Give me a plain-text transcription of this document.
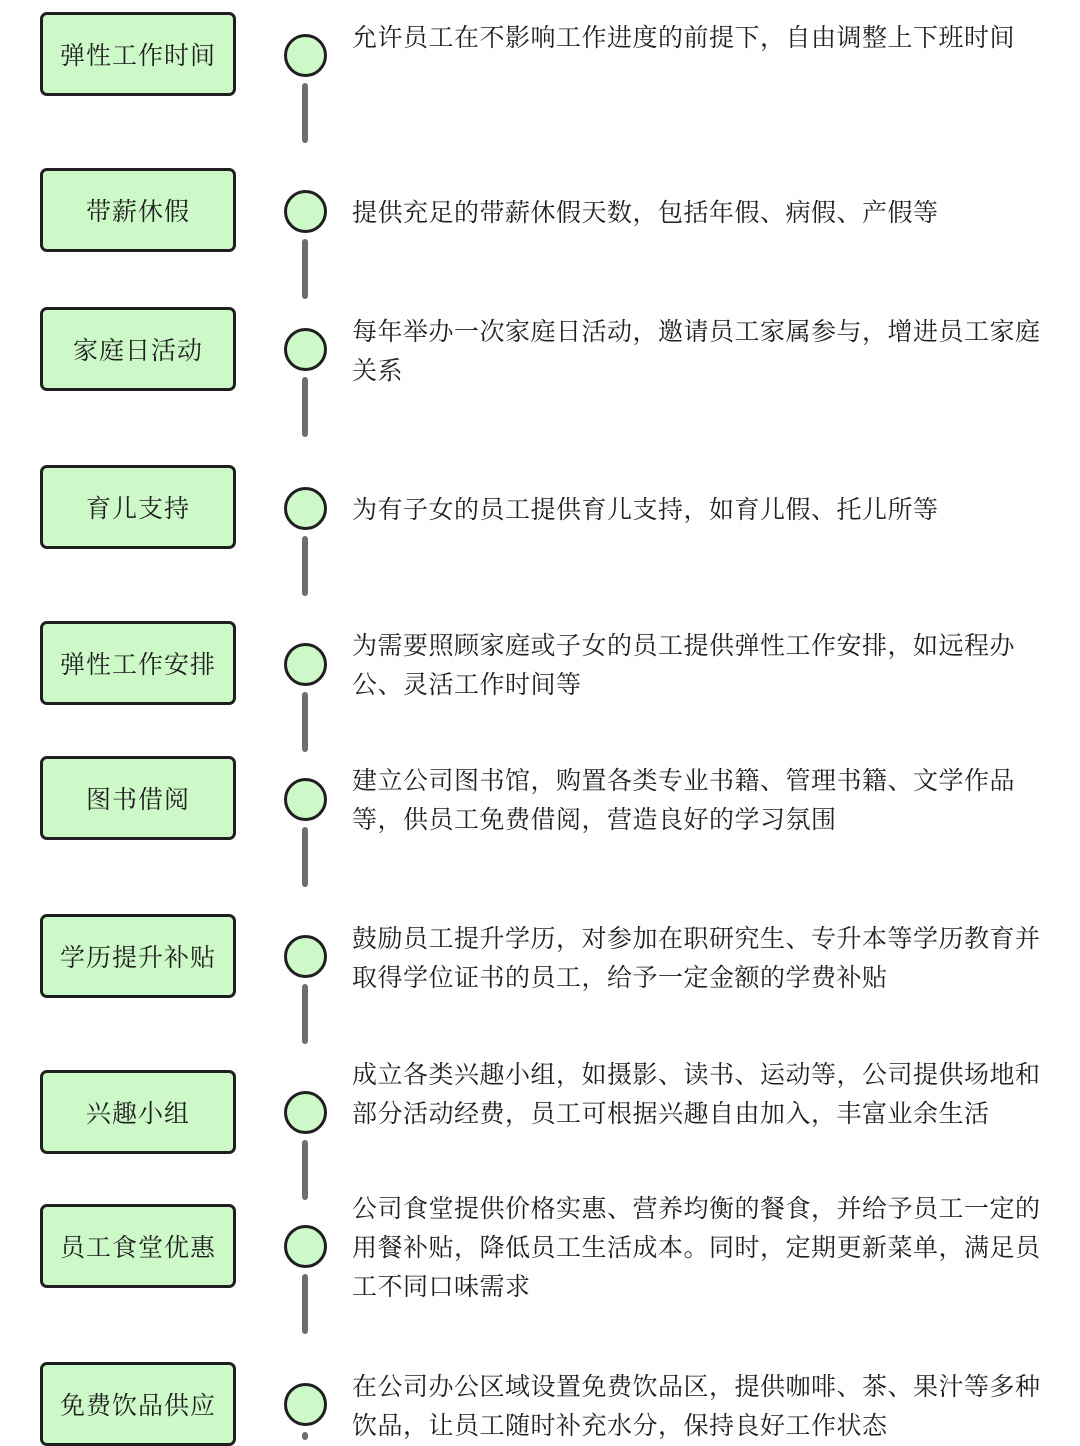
弹性工作时间
允许员工在不影响工作进度的前提下，自由调整上下班时间
带薪休假	提供充足的带薪休假天数，包括年假、病假、产假等
家庭日活动
每年举办一次家庭日活动，邀请员工家属参与，增进员工家庭关系
育儿支持	为有子女的员工提供育儿支持，如育儿假、托儿所等
弹性工作安排
为需要照顾家庭或子女的员工提供弹性工作安排，如远程办公、灵活工作时间等
图书借阅
建立公司图书馆，购置各类专业书籍、管理书籍、文学作品等，供员工免费借阅，营造良好的学习氛围
学历提升补贴
鼓励员工提升学历，对参加在职研究生、专升本等学历教育并取得学位证书的员工，给予一定金额的学费补贴
兴趣小组
成立各类兴趣小组，如摄影、读书、运动等，公司提供场地和部分活动经费，员工可根据兴趣自由加入，丰富业余生活
员工食堂优惠
公司食堂提供价格实惠、营养均衡的餐食，并给予员工一定的用餐补贴，降低员工生活成本。同时，定期更新菜单，满足员工不同口味需求
免费饮品供应
在公司办公区域设置免费饮品区，提供咖啡、茶、果汁等多种饮品，让员工随时补充水分，保持良好工作状态
